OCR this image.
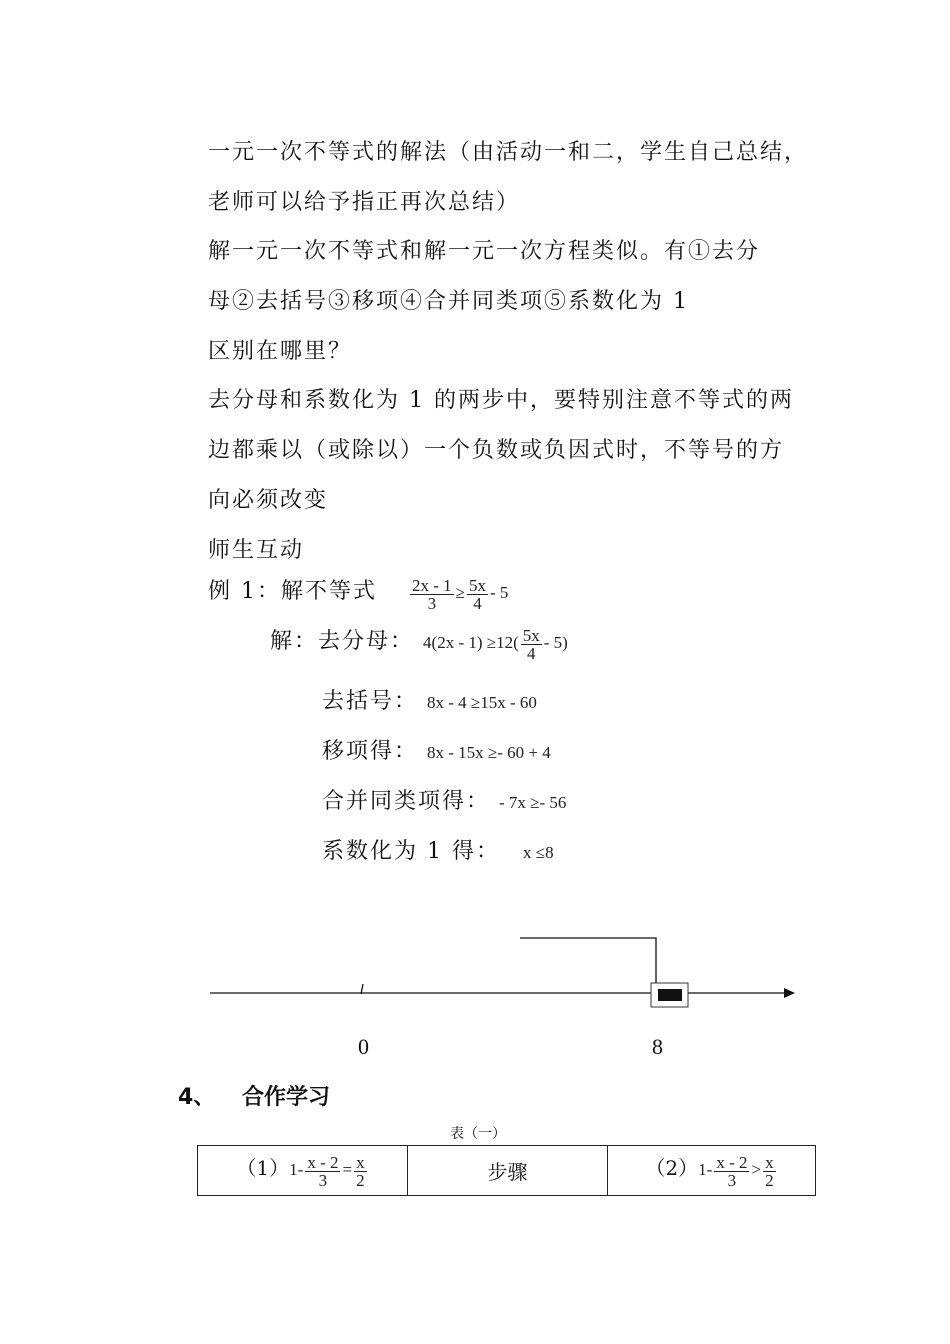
一元一次不等式的解法（由活动一和二，学生自己总结，
老师可以给予指正再次总结）
解一元一次不等式和解一元一次方程类似。有①去分
母②去括号③移项④合并同类项⑤系数化为 1
区别在哪里？
去分母和系数化为 1 的两步中，要特别注意不等式的两
边都乘以（或除以）一个负数或负因式时，不等号的方
向必须改变
师生互动
例 1：解不等式 $\frac{2x - 1}{3} \ge \frac{5x}{4} - 5$
解：去分母： $4(2x - 1) \ge 12( \frac{5x}{4} - 5)$
去括号： 8x - 4 ≥15x - 60
移项得： 8x - 15x ≥- 60 + 4
合并同类项得： - 7x ≥- 56
系数化为 1 得： x ≤8
0	8
4、 合作学习
表（一）
$(1)1- \frac{x - 2}{3} = \frac{x}{2}$	步骤	$(2)1- \frac{x - 2}{3} > \frac{x}{2}$
